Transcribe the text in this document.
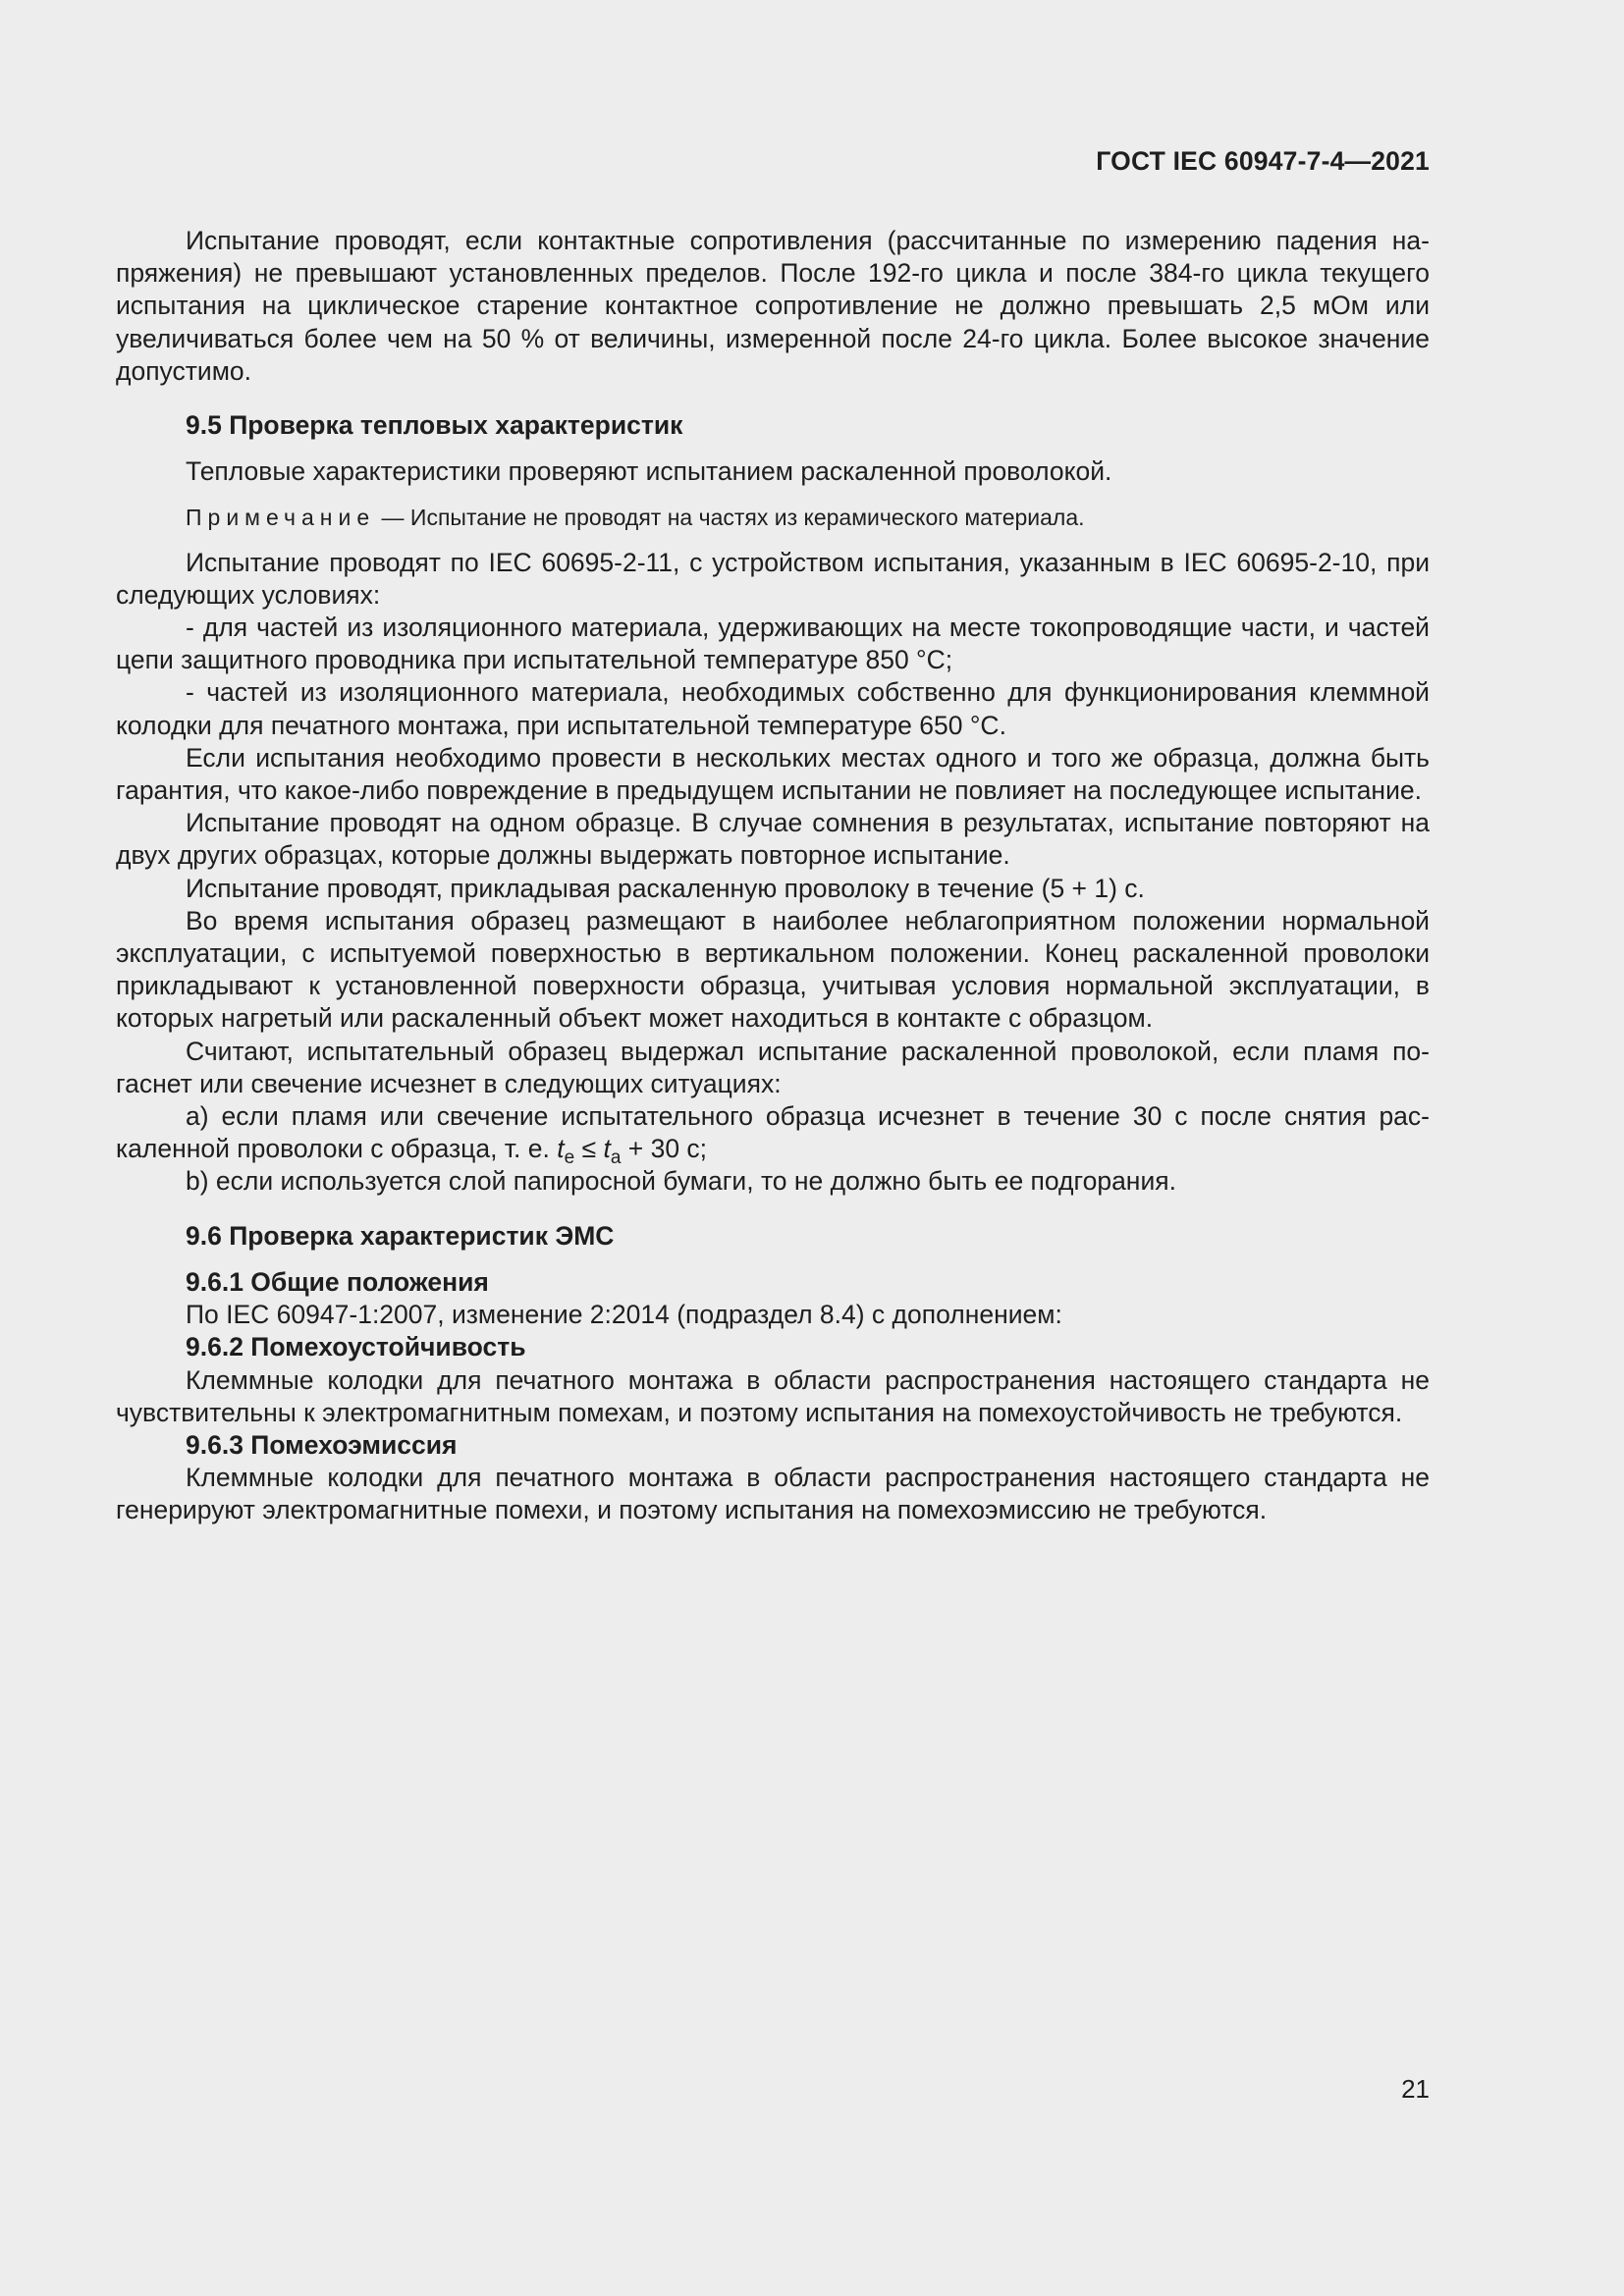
ГОСТ IEC 60947-7-4—2021

Испытание проводят, если контактные сопротивления (рассчитанные по измерению падения напряжения) не превышают установленных пределов. После 192-го цикла и после 384-го цикла текущего испытания на циклическое старение контактное сопротивление не должно превышать 2,5 мОм или увеличиваться более чем на 50 % от величины, измеренной после 24-го цикла. Более высокое значение допустимо.

9.5 Проверка тепловых характеристик

Тепловые характеристики проверяют испытанием раскаленной проволокой.

Примечание — Испытание не проводят на частях из керамического материала.

Испытание проводят по IEC 60695-2-11, с устройством испытания, указанным в IEC 60695-2-10, при следующих условиях:

- для частей из изоляционного материала, удерживающих на месте токопроводящие части, и частей цепи защитного проводника при испытательной температуре 850 °C;

- частей из изоляционного материала, необходимых собственно для функционирования клеммной колодки для печатного монтажа, при испытательной температуре 650 °C.

Если испытания необходимо провести в нескольких местах одного и того же образца, должна быть гарантия, что какое-либо повреждение в предыдущем испытании не повлияет на последующее испытание.

Испытание проводят на одном образце. В случае сомнения в результатах, испытание повторяют на двух других образцах, которые должны выдержать повторное испытание.

Испытание проводят, прикладывая раскаленную проволоку в течение (5 + 1) с.

Во время испытания образец размещают в наиболее неблагоприятном положении нормальной эксплуатации, с испытуемой поверхностью в вертикальном положении. Конец раскаленной проволоки прикладывают к установленной поверхности образца, учитывая условия нормальной эксплуатации, в которых нагретый или раскаленный объект может находиться в контакте с образцом.

Считают, испытательный образец выдержал испытание раскаленной проволокой, если пламя погаснет или свечение исчезнет в следующих ситуациях:

a) если пламя или свечение испытательного образца исчезнет в течение 30 с после снятия раскаленной проволоки с образца, т. е. $t_e \le t_a + 30$ с;

b) если используется слой папиросной бумаги, то не должно быть ее подгорания.

9.6 Проверка характеристик ЭМС

9.6.1 Общие положения

По IEC 60947-1:2007, изменение 2:2014 (подраздел 8.4) с дополнением:

9.6.2 Помехоустойчивость

Клеммные колодки для печатного монтажа в области распространения настоящего стандарта не чувствительны к электромагнитным помехам, и поэтому испытания на помехоустойчивость не требуются.

9.6.3 Помехоэмиссия

Клеммные колодки для печатного монтажа в области распространения настоящего стандарта не генерируют электромагнитные помехи, и поэтому испытания на помехоэмиссию не требуются.

21
